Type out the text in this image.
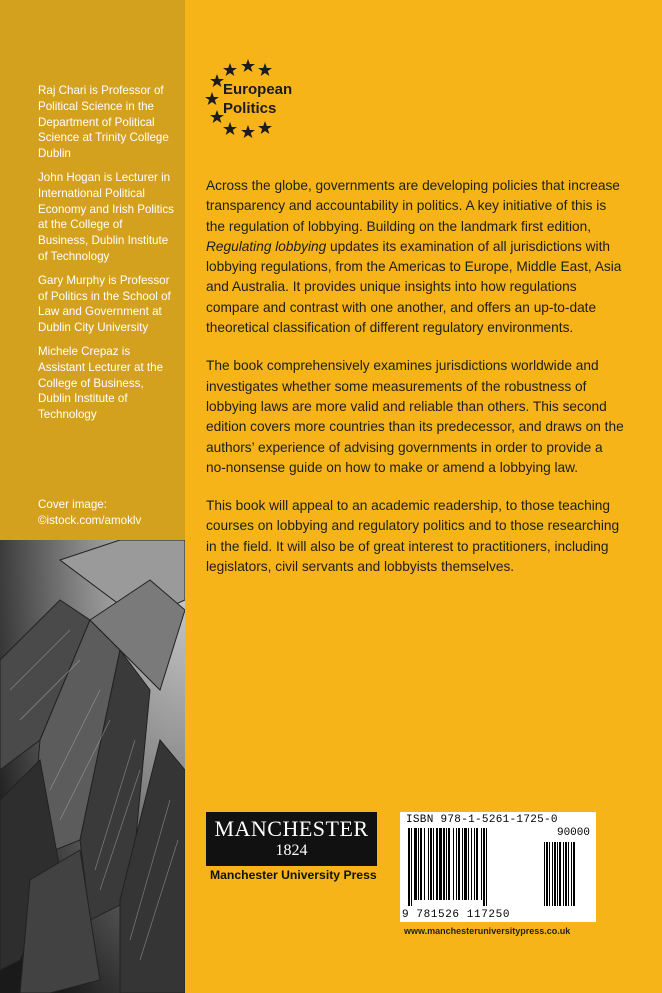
Raj Chari is Professor of Political Science in the Department of Political Science at Trinity College Dublin

John Hogan is Lecturer in International Political Economy and Irish Politics at the College of Business, Dublin Institute of Technology

Gary Murphy is Professor of Politics in the School of Law and Government at Dublin City University

Michele Crepaz is Assistant Lecturer at the College of Business, Dublin Institute of Technology

Cover image:
©istock.com/amoklv
European
Politics

Across the globe, governments are developing policies that increase transparency and accountability in politics. A key initiative of this is the regulation of lobbying. Building on the landmark first edition, Regulating lobbying updates its examination of all jurisdictions with lobbying regulations, from the Americas to Europe, Middle East, Asia and Australia. It provides unique insights into how regulations compare and contrast with one another, and offers an up-to-date theoretical classification of different regulatory environments.

The book comprehensively examines jurisdictions worldwide and investigates whether some measurements of the robustness of lobbying laws are more valid and reliable than others. This second edition covers more countries than its predecessor, and draws on the authors’ experience of advising governments in order to provide a no-nonsense guide on how to make or amend a lobbying law.

This book will appeal to an academic readership, to those teaching courses on lobbying and regulatory politics and to those researching in the field. It will also be of great interest to practitioners, including legislators, civil servants and lobbyists themselves.

MANCHESTER
1824
Manchester University Press
ISBN 978-1-5261-1725-0
90000
9 781526 117250
www.manchesteruniversitypress.co.uk
